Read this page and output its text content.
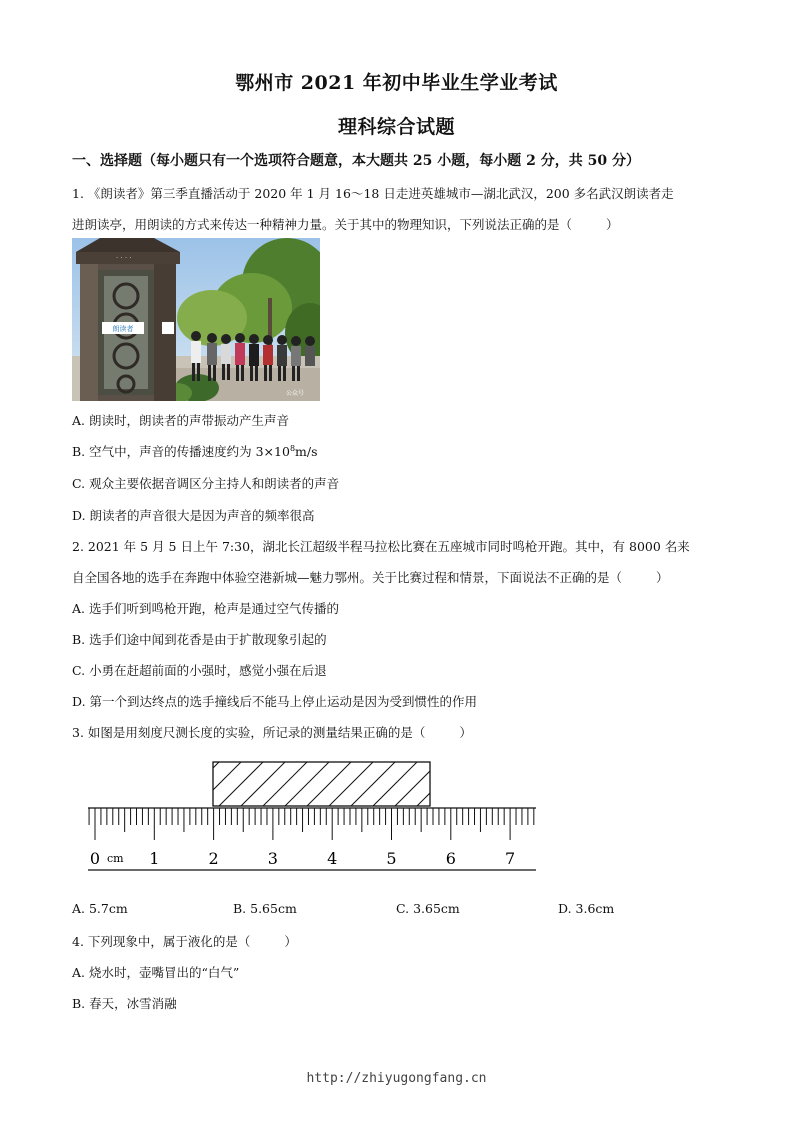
鄂州市 2021 年初中毕业生学业考试
理科综合试题
一、选择题（每小题只有一个选项符合题意，本大题共 25 小题，每小题 2 分，共 50 分）
1. 《朗读者》第三季直播活动于 2020 年 1 月 16～18 日走进英雄城市—湖北武汉，200 多名武汉朗读者走
进朗读亭，用朗读的方式来传达一种精神力量。关于其中的物理知识，下列说法正确的是（	）
朗读者
· · · ·
公众号
A. 朗读时，朗读者的声带振动产生声音
B. 空气中，声音的传播速度约为 $3\times 10^8m/s$
C. 观众主要依据音调区分主持人和朗读者的声音
D. 朗读者的声音很大是因为声音的频率很高
2. 2021 年 5 月 5 日上午 7:30，湖北长江超级半程马拉松比赛在五座城市同时鸣枪开跑。其中，有 8000 名来
自全国各地的选手在奔跑中体验空港新城—魅力鄂州。关于比赛过程和情景，下面说法不正确的是（	）
A. 选手们听到鸣枪开跑，枪声是通过空气传播的
B. 选手们途中闻到花香是由于扩散现象引起的
C. 小勇在赶超前面的小强时，感觉小强在后退
D. 第一个到达终点的选手撞线后不能马上停止运动是因为受到惯性的作用
3. 如图是用刻度尺测长度的实验，所记录的测量结果正确的是（	）
0	1	2	3	4	5	6	7
cm
A. 5.7cm	B. 5.65cm	C. 3.65cm	D. 3.6cm
4. 下列现象中，属于液化的是（	）
A. 烧水时，壶嘴冒出的“白气”
B. 春天，冰雪消融
http://zhiyugongfang.cn
